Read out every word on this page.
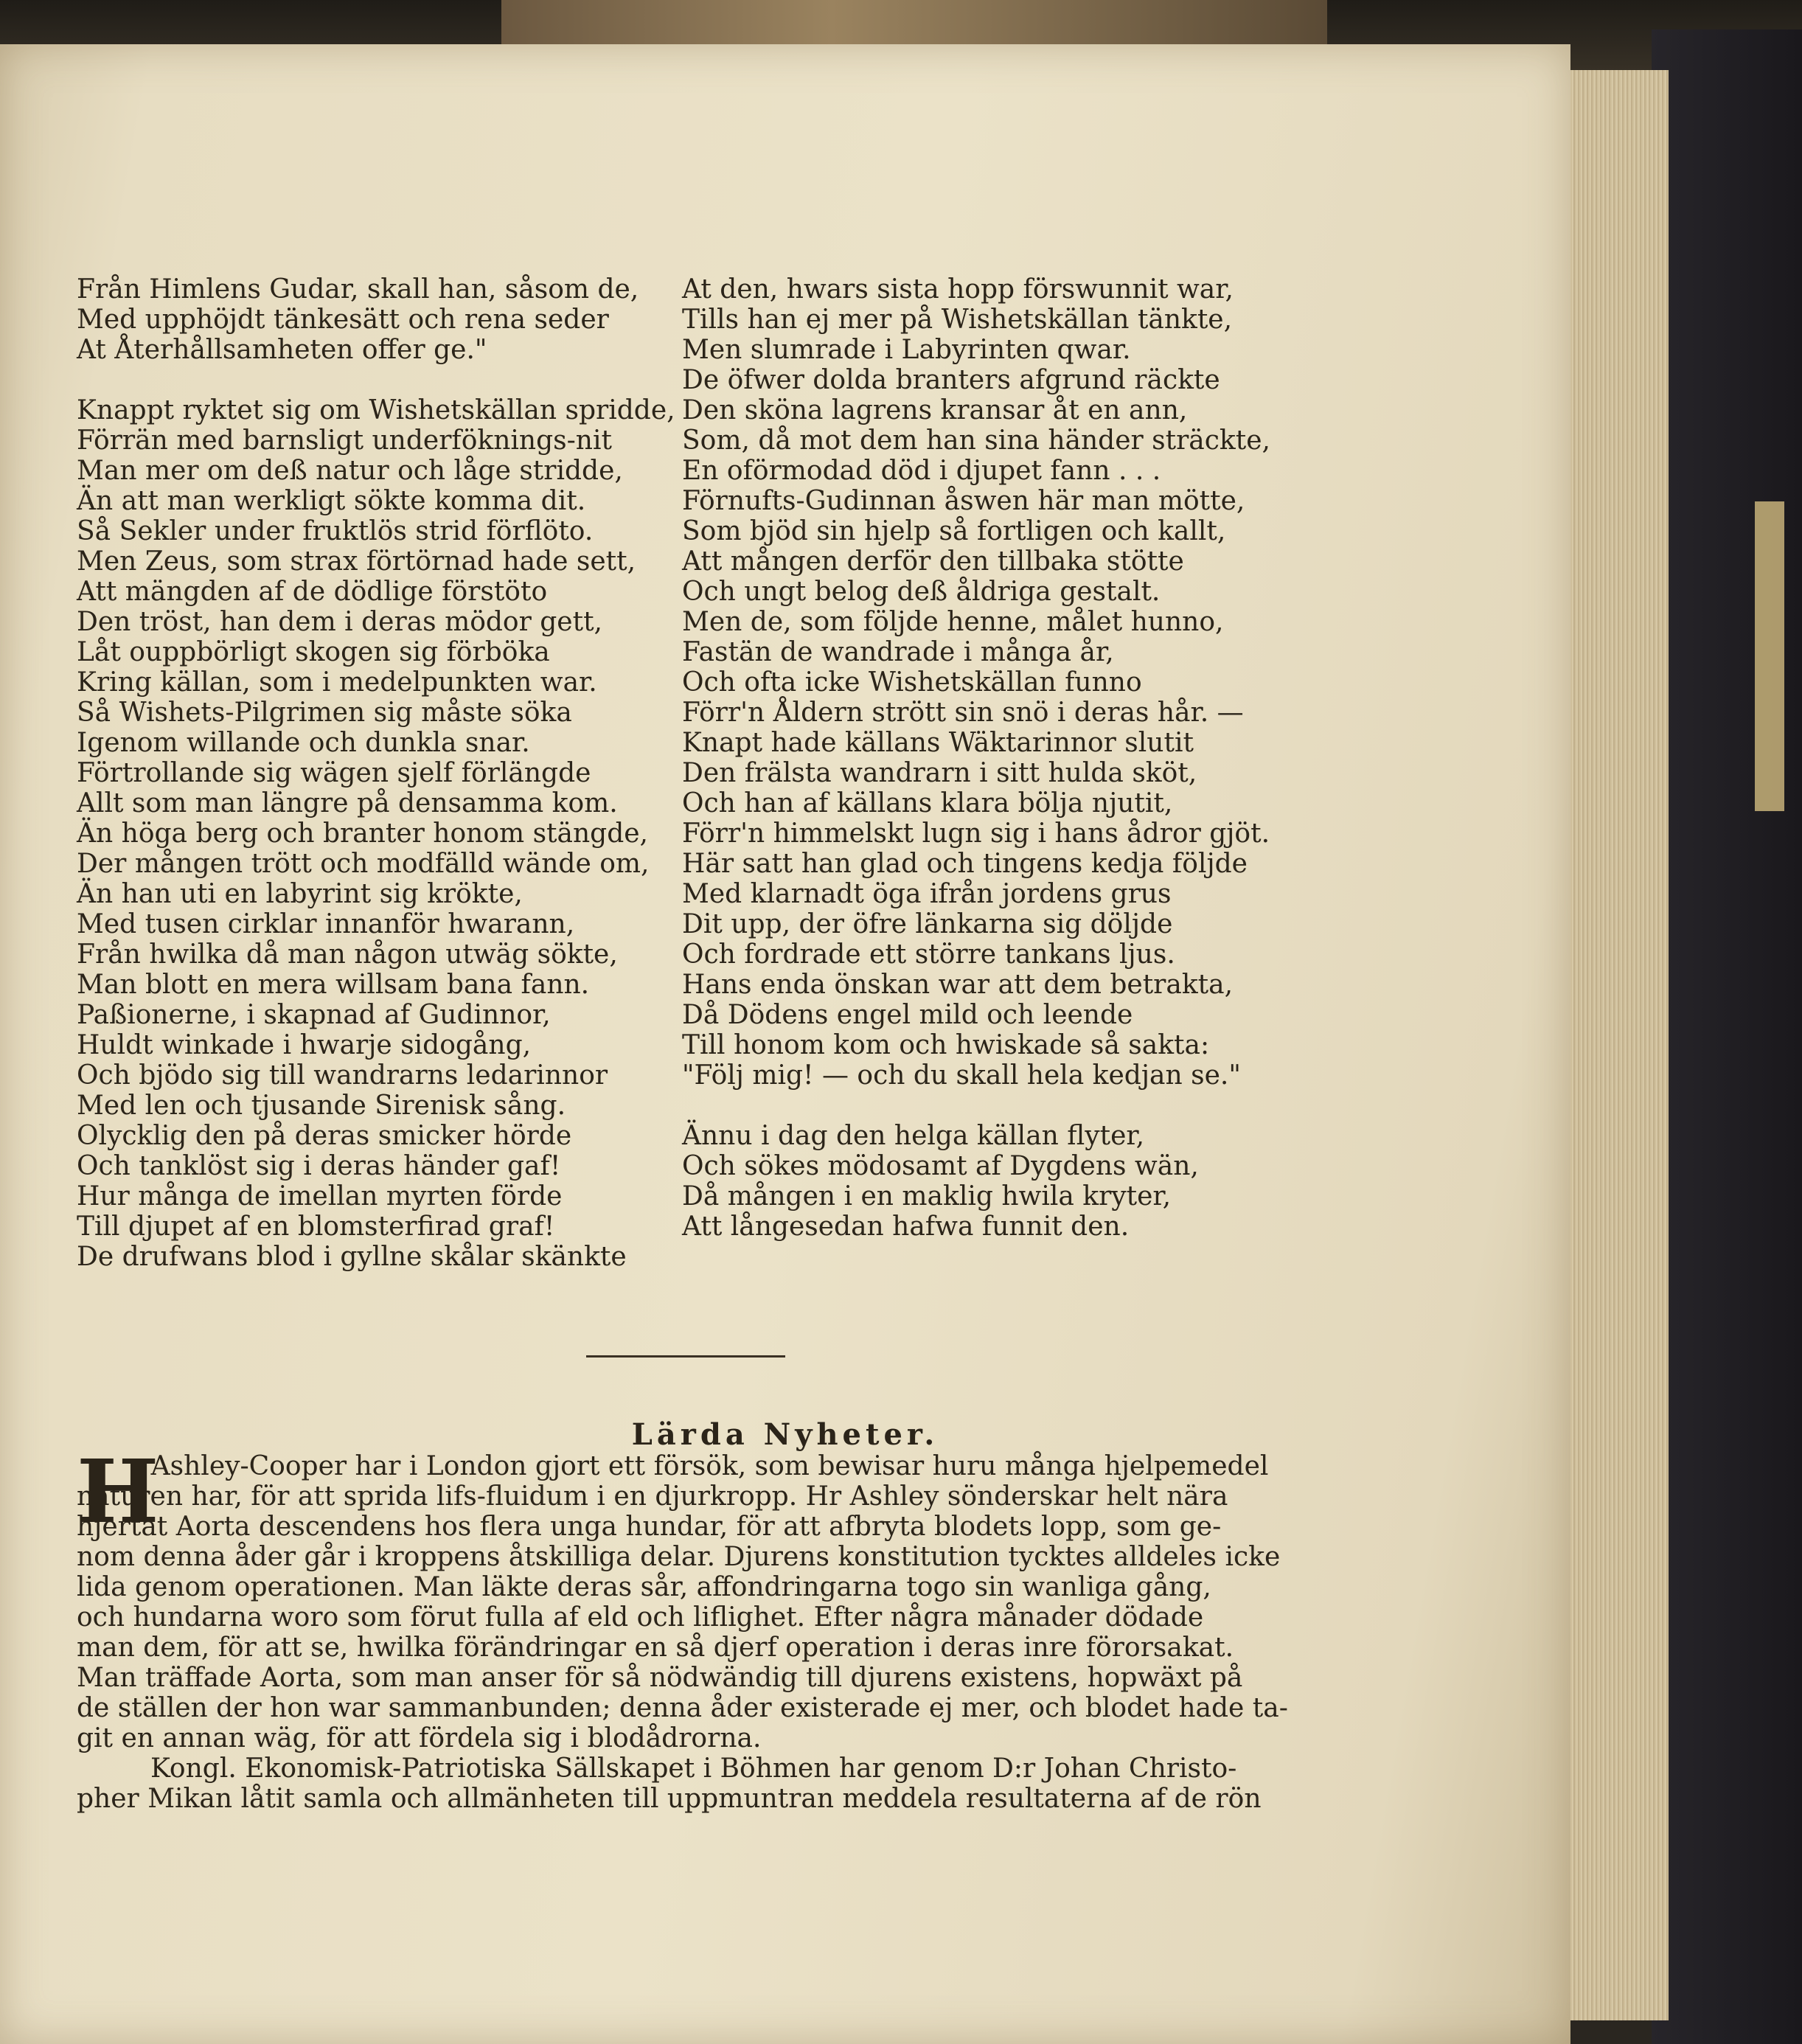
Från Himlens Gudar, skall han, såsom de,
Med upphöjdt tänkesätt och rena seder
At Återhållsamheten offer ge."
Knappt ryktet sig om Wishetskällan spridde,
Förrän med barnsligt underföknings-nit
Man mer om deß natur och låge stridde,
Än att man werkligt sökte komma dit.
Så Sekler under fruktlös strid förflöto.
Men Zeus, som strax förtörnad hade sett,
Att mängden af de dödlige förstöto
Den tröst, han dem i deras mödor gett,
Låt ouppbörligt skogen sig förböka
Kring källan, som i medelpunkten war.
Så Wishets-Pilgrimen sig måste söka
Igenom willande och dunkla snar.
Förtrollande sig wägen sjelf förlängde
Allt som man längre på densamma kom.
Än höga berg och branter honom stängde,
Der mången trött och modfälld wände om,
Än han uti en labyrint sig krökte,
Med tusen cirklar innanför hwarann,
Från hwilka då man någon utwäg sökte,
Man blott en mera willsam bana fann.
Paßionerne, i skapnad af Gudinnor,
Huldt winkade i hwarje sidogång,
Och bjödo sig till wandrarns ledarinnor
Med len och tjusande Sirenisk sång.
Olycklig den på deras smicker hörde
Och tanklöst sig i deras händer gaf!
Hur många de imellan myrten förde
Till djupet af en blomsterfirad graf!
De drufwans blod i gyllne skålar skänkte
At den, hwars sista hopp förswunnit war,
Tills han ej mer på Wishetskällan tänkte,
Men slumrade i Labyrinten qwar.
De öfwer dolda branters afgrund räckte
Den sköna lagrens kransar åt en ann,
Som, då mot dem han sina händer sträckte,
En oförmodad död i djupet fann . . .
Förnufts-Gudinnan åswen här man mötte,
Som bjöd sin hjelp så fortligen och kallt,
Att mången derför den tillbaka stötte
Och ungt belog deß åldriga gestalt.
Men de, som följde henne, målet hunno,
Fastän de wandrade i många år,
Och ofta icke Wishetskällan funno
Förr'n Åldern strött sin snö i deras hår. —
Knapt hade källans Wäktarinnor slutit
Den frälsta wandrarn i sitt hulda sköt,
Och han af källans klara bölja njutit,
Förr'n himmelskt lugn sig i hans ådror gjöt.
Här satt han glad och tingens kedja följde
Med klarnadt öga ifrån jordens grus
Dit upp, der öfre länkarna sig döljde
Och fordrade ett större tankans ljus.
Hans enda önskan war att dem betrakta,
Då Dödens engel mild och leende
Till honom kom och hwiskade så sakta:
"Följ mig! — och du skall hela kedjan se."
Ännu i dag den helga källan flyter,
Och sökes mödosamt af Dygdens wän,
Då mången i en maklig hwila kryter,
Att långesedan hafwa funnit den.
Lärda Nyheter.
H
r Ashley-Cooper har i London gjort ett försök, som bewisar huru många hjelpemedel
naturen har, för att sprida lifs-fluidum i en djurkropp. Hr Ashley sönderskar helt nära
hjertat Aorta descendens hos flera unga hundar, för att afbryta blodets lopp, som ge-
nom denna åder går i kroppens åtskilliga delar. Djurens konstitution tycktes alldeles icke
lida genom operationen. Man läkte deras sår, affondringarna togo sin wanliga gång,
och hundarna woro som förut fulla af eld och liflighet. Efter några månader dödade
man dem, för att se, hwilka förändringar en så djerf operation i deras inre förorsakat.
Man träffade Aorta, som man anser för så nödwändig till djurens existens, hopwäxt på
de ställen der hon war sammanbunden; denna åder existerade ej mer, och blodet hade ta-
git en annan wäg, för att fördela sig i blodådrorna.
Kongl. Ekonomisk-Patriotiska Sällskapet i Böhmen har genom D:r Johan Christo-
pher Mikan låtit samla och allmänheten till uppmuntran meddela resultaterna af de rön
